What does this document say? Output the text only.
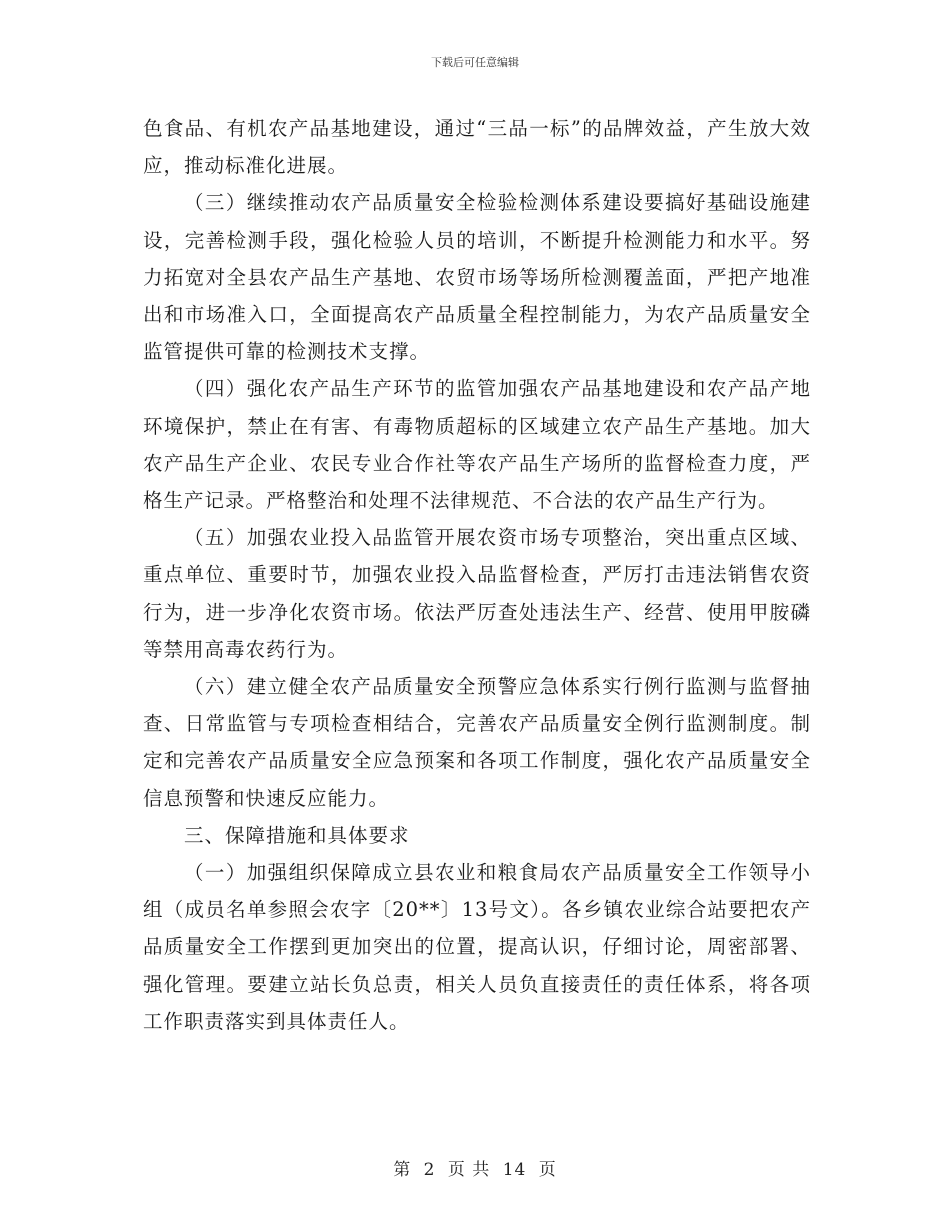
下载后可任意编辑

色食品、有机农产品基地建设，通过“三品一标”的品牌效益，产生放大效应，推动标准化进展。

（三）继续推动农产品质量安全检验检测体系建设要搞好基础设施建设，完善检测手段，强化检验人员的培训，不断提升检测能力和水平。努力拓宽对全县农产品生产基地、农贸市场等场所检测覆盖面，严把产地准出和市场准入口，全面提高农产品质量全程控制能力，为农产品质量安全监管提供可靠的检测技术支撑。

（四）强化农产品生产环节的监管加强农产品基地建设和农产品产地环境保护，禁止在有害、有毒物质超标的区域建立农产品生产基地。加大农产品生产企业、农民专业合作社等农产品生产场所的监督检查力度，严格生产记录。严格整治和处理不法律规范、不合法的农产品生产行为。

（五）加强农业投入品监管开展农资市场专项整治，突出重点区域、重点单位、重要时节，加强农业投入品监督检查，严厉打击违法销售农资行为，进一步净化农资市场。依法严厉查处违法生产、经营、使用甲胺磷等禁用高毒农药行为。

（六）建立健全农产品质量安全预警应急体系实行例行监测与监督抽查、日常监管与专项检查相结合，完善农产品质量安全例行监测制度。制定和完善农产品质量安全应急预案和各项工作制度，强化农产品质量安全信息预警和快速反应能力。

三、保障措施和具体要求

（一）加强组织保障成立县农业和粮食局农产品质量安全工作领导小组（成员名单参照会农字〔20**〕13号文）。各乡镇农业综合站要把农产品质量安全工作摆到更加突出的位置，提高认识，仔细讨论，周密部署、强化管理。要建立站长负总责，相关人员负直接责任的责任体系，将各项工作职责落实到具体责任人。

第 2 页 共 14 页
